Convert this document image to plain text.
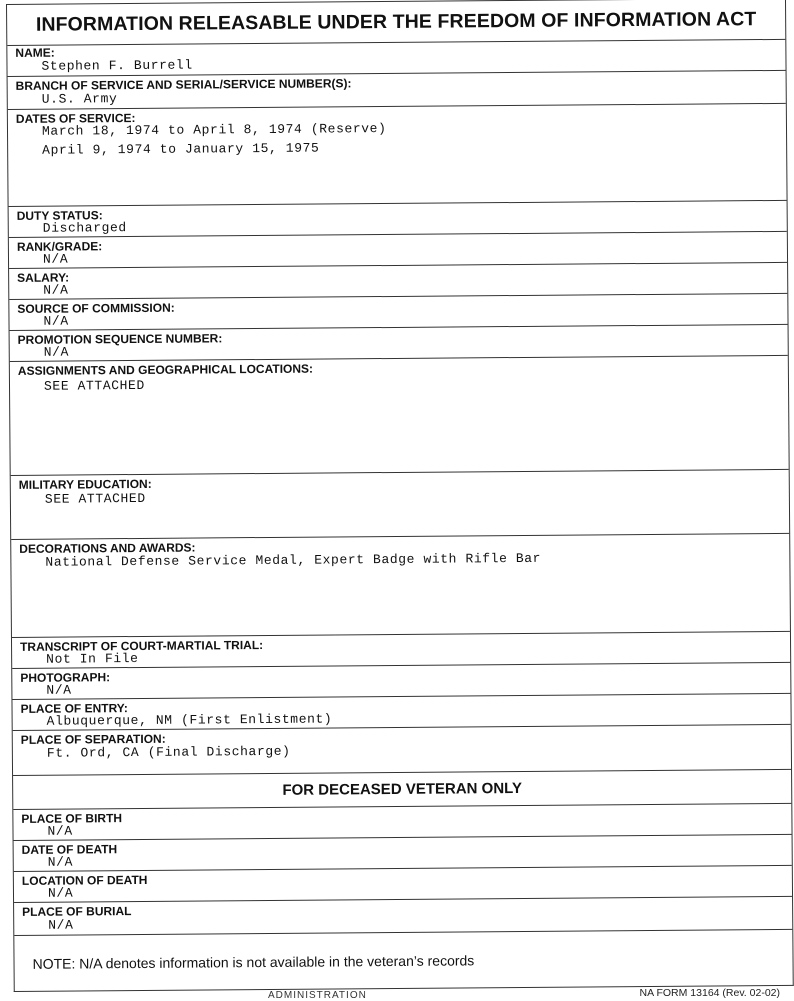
INFORMATION RELEASABLE UNDER THE FREEDOM OF INFORMATION ACT
NAME:
Stephen F. Burrell
BRANCH OF SERVICE AND SERIAL/SERVICE NUMBER(S):
U.S. Army
DATES OF SERVICE:
March 18, 1974 to April 8, 1974 (Reserve)
April 9, 1974 to January 15, 1975
DUTY STATUS:
Discharged
RANK/GRADE:
N/A
SALARY:
N/A
SOURCE OF COMMISSION:
N/A
PROMOTION SEQUENCE NUMBER:
N/A
ASSIGNMENTS AND GEOGRAPHICAL LOCATIONS:
SEE ATTACHED
MILITARY EDUCATION:
SEE ATTACHED
DECORATIONS AND AWARDS:
National Defense Service Medal, Expert Badge with Rifle Bar
TRANSCRIPT OF COURT-MARTIAL TRIAL:
Not In File
PHOTOGRAPH:
N/A
PLACE OF ENTRY:
Albuquerque, NM (First Enlistment)
PLACE OF SEPARATION:
Ft. Ord, CA (Final Discharge)
FOR DECEASED VETERAN ONLY
PLACE OF BIRTH
N/A
DATE OF DEATH
N/A
LOCATION OF DEATH
N/A
PLACE OF BURIAL
N/A
NOTE: N/A denotes information is not available in the veteran’s records
ADMINISTRATION	NA FORM 13164 (Rev. 02-02)
